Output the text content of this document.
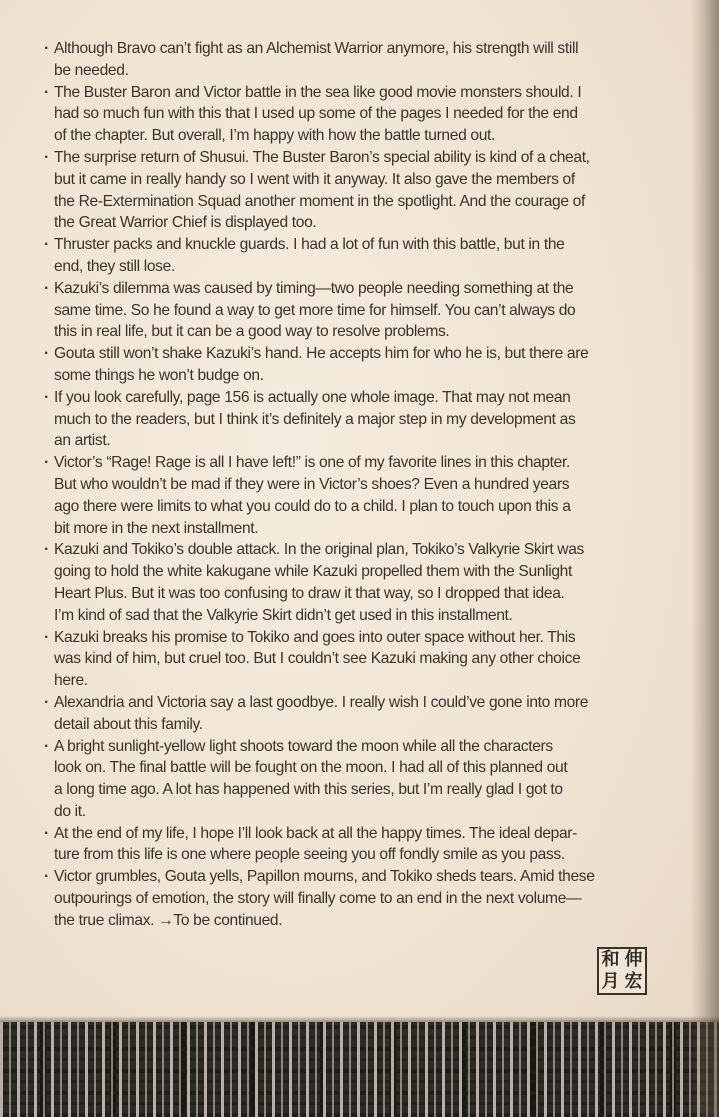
· Although Bravo can’t fight as an Alchemist Warrior anymore, his strength will still
be needed.
· The Buster Baron and Victor battle in the sea like good movie monsters should. I
had so much fun with this that I used up some of the pages I needed for the end
of the chapter. But overall, I’m happy with how the battle turned out.
· The surprise return of Shusui. The Buster Baron’s special ability is kind of a cheat,
but it came in really handy so I went with it anyway. It also gave the members of
the Re-Extermination Squad another moment in the spotlight. And the courage of
the Great Warrior Chief is displayed too.
· Thruster packs and knuckle guards. I had a lot of fun with this battle, but in the
end, they still lose.
· Kazuki’s dilemma was caused by timing—two people needing something at the
same time. So he found a way to get more time for himself. You can’t always do
this in real life, but it can be a good way to resolve problems.
· Gouta still won’t shake Kazuki’s hand. He accepts him for who he is, but there are
some things he won’t budge on.
· If you look carefully, page 156 is actually one whole image. That may not mean
much to the readers, but I think it’s definitely a major step in my development as
an artist.
· Victor’s “Rage! Rage is all I have left!” is one of my favorite lines in this chapter.
But who wouldn’t be mad if they were in Victor’s shoes? Even a hundred years
ago there were limits to what you could do to a child. I plan to touch upon this a
bit more in the next installment.
· Kazuki and Tokiko’s double attack. In the original plan, Tokiko’s Valkyrie Skirt was
going to hold the white kakugane while Kazuki propelled them with the Sunlight
Heart Plus. But it was too confusing to draw it that way, so I dropped that idea.
I’m kind of sad that the Valkyrie Skirt didn’t get used in this installment.
· Kazuki breaks his promise to Tokiko and goes into outer space without her. This
was kind of him, but cruel too. But I couldn’t see Kazuki making any other choice
here.
· Alexandria and Victoria say a last goodbye. I really wish I could’ve gone into more
detail about this family.
· A bright sunlight-yellow light shoots toward the moon while all the characters
look on. The final battle will be fought on the moon. I had all of this planned out
a long time ago. A lot has happened with this series, but I’m really glad I got to
do it.
· At the end of my life, I hope I’ll look back at all the happy times. The ideal depar-
ture from this life is one where people seeing you off fondly smile as you pass.
· Victor grumbles, Gouta yells, Papillon mourns, and Tokiko sheds tears. Amid these
outpourings of emotion, the story will finally come to an end in the next volume—
the true climax. →To be continued.
和 伸
月 宏
